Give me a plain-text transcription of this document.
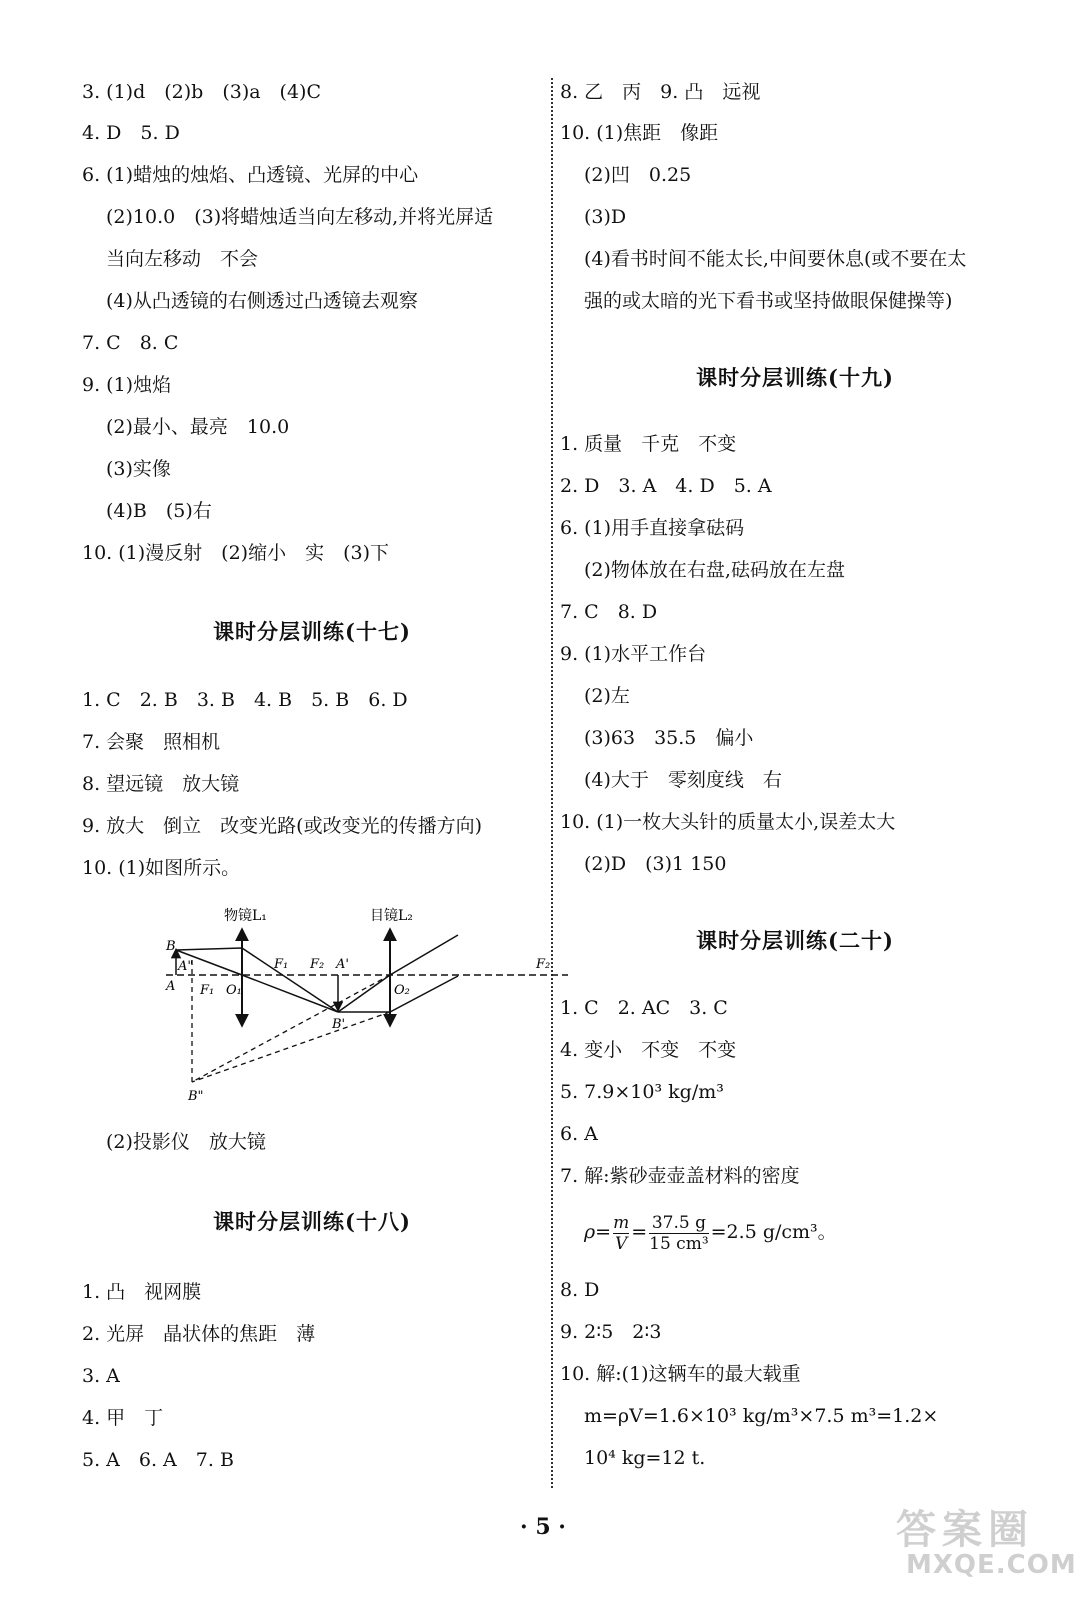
3. (1)d　(2)b　(3)a　(4)C
4. D　5. D
6. (1)蜡烛的烛焰、凸透镜、光屏的中心
(2)10.0　(3)将蜡烛适当向左移动,并将光屏适
当向左移动　不会
(4)从凸透镜的右侧透过凸透镜去观察
7. C　8. C
9. (1)烛焰
(2)最小、最亮　10.0
(3)实像
(4)B　(5)右
10. (1)漫反射　(2)缩小　实　(3)下
课时分层训练(十七)
1. C　2. B　3. B　4. B　5. B　6. D
7. 会聚　照相机
8. 望远镜　放大镜
9. 放大　倒立　改变光路(或改变光的传播方向)
10. (1)如图所示。
物镜L₁	目镜L₂
B
A"
A F₁ O₁
F₁ F₂ A'
B'
O₂
F₂
B"
(2)投影仪　放大镜
课时分层训练(十八)
1. 凸　视网膜
2. 光屏　晶状体的焦距　薄
3. A
4. 甲　丁
5. A　6. A　7. B
8. 乙　丙　9. 凸　远视
10. (1)焦距　像距
(2)凹　0.25
(3)D
(4)看书时间不能太长,中间要休息(或不要在太
强的或太暗的光下看书或坚持做眼保健操等)
课时分层训练(十九)
1. 质量　千克　不变
2. D　3. A　4. D　5. A
6. (1)用手直接拿砝码
(2)物体放在右盘,砝码放在左盘
7. C　8. D
9. (1)水平工作台
(2)左
(3)63　35.5　偏小
(4)大于　零刻度线　右
10. (1)一枚大头针的质量太小,误差太大
(2)D　(3)1 150
课时分层训练(二十)
1. C　2. AC　3. C
4. 变小　不变　不变
5. 7.9×10³ kg/m³
6. A
7. 解:紫砂壶壶盖材料的密度
$\rho= \frac{m}{V} = \frac{37.5 g}{\text{15 cm³}} =2.5$ g/cm³。
8. D
9. 2∶5　2∶3
10. 解:(1)这辆车的最大载重
m=ρV=1.6×10³ kg/m³×7.5 m³=1.2×
10⁴ kg=12 t.
· 5 ·	答案圈
MXQE.COM
